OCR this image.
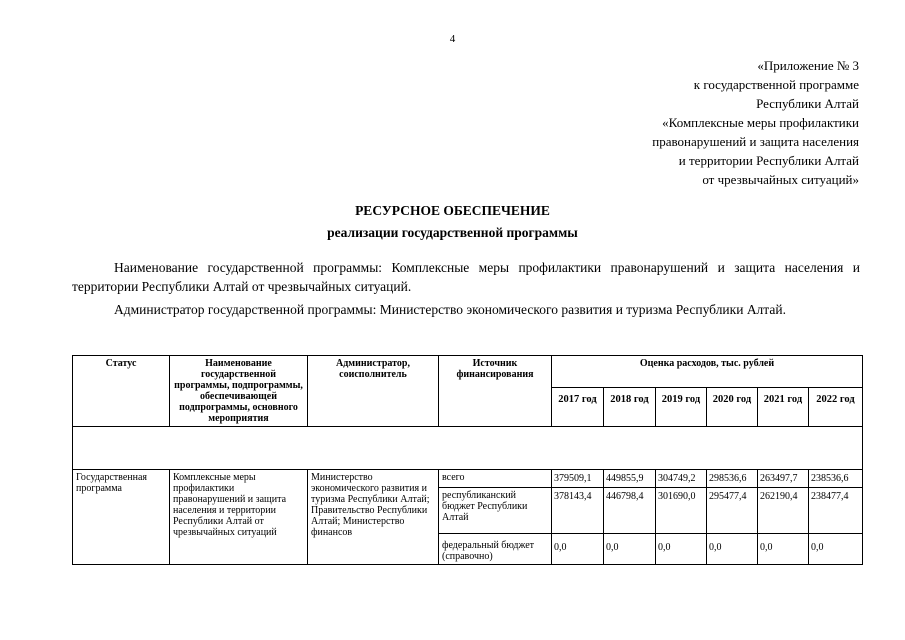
4
«Приложение № 3
к государственной программе
Республики Алтай
«Комплексные меры профилактики
правонарушений и защита населения
и территории Республики Алтай
от чрезвычайных ситуаций»
РЕСУРСНОЕ ОБЕСПЕЧЕНИЕ
реализации государственной программы

Наименование государственной программы: Комплексные меры профилактики правонарушений и защита населения и территории Республики Алтай от чрезвычайных ситуаций.

Администратор государственной программы: Министерство экономического развития и туризма Республики Алтай.

Статус	Наименование государственной программы, подпрограммы, обеспечивающей подпрограммы, основного мероприятия	Администратор, соисполнитель	Источник финансирования	Оценка расходов, тыс. рублей					
				2017 год	2018 год	2019 год	2020 год	2021 год	2022 год

Государственная программа	Комплексные меры профилактики правонарушений и защита населения и территории Республики Алтай от чрезвычайных ситуаций	Министерство экономического развития и туризма Республики Алтай; Правительство Республики Алтай; Министерство финансов	всего	379509,1	449855,9	304749,2	298536,6	263497,7	238536,6
			республиканский бюджет Республики Алтай	378143,4	446798,4	301690,0	295477,4	262190,4	238477,4
			федеральный бюджет (справочно)	0,0	0,0	0,0	0,0	0,0	0,0
